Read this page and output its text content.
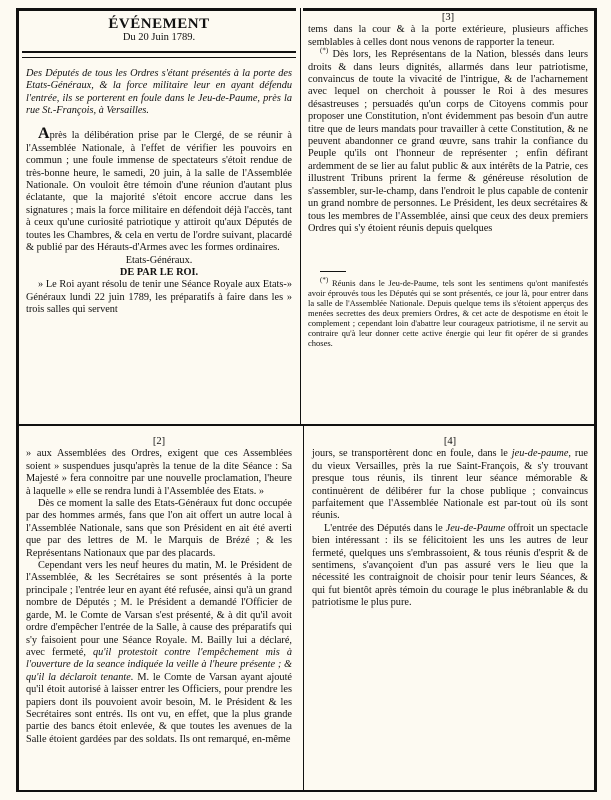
ÉVÉNEMENT
Du 20 Juin 1789.

Des Députés de tous les Ordres s'étant présentés à la porte des Etats-Généraux, & la force militaire leur en ayant défendu l'entrée, ils se porterent en foule dans le Jeu-de-Paume, près la rue St.-François, à Versailles.

Après la délibération prise par le Clergé, de se réunir à l'Assemblée Nationale, à l'effet de vérifier les pouvoirs en commun ; une foule immense de spectateurs s'étoit rendue de très-bonne heure, le samedi, 20 juin, à la salle de l'Assemblée Nationale. On vouloit être témoin d'une réunion d'autant plus éclatante, que la majorité s'étoit encore accrue dans les signatures ; mais la force militaire en défendoit déjà l'accès, tant à ceux qu'une curiosité patriotique y attiroit qu'aux Députés de toutes les Chambres, & cela en vertu de l'ordre suivant, placardé & publié par des Hérauts-d'Armes avec les formes ordinaires.

Etats-Généraux.

DE PAR LE ROI.

» Le Roi ayant résolu de tenir une Séance Royale aux Etats-» Généraux lundi 22 juin 1789, les préparatifs à faire dans les » trois salles qui servent

[3]

tems dans la cour & à la porte extérieure, plusieurs affiches semblables à celles dont nous venons de rapporter la teneur.

(*) Dès lors, les Représentans de la Nation, blessés dans leurs droits & dans leurs dignités, allarmés dans leur patriotisme, convaincus de toute la vivacité de l'intrigue, & de l'acharnement avec lequel on cherchoit à pousser le Roi à des mesures désastreuses ; persuadés qu'un corps de Citoyens commis pour proposer une Constitution, n'ont évidemment pas besoin d'un autre titre que de leurs mandats pour travailler à cette Constitution, & ne peuvent abandonner ce grand œuvre, sans trahir la confiance du Peuple qu'ils ont l'honneur de représenter ; enfin défirant ardemment de se lier au falut public & aux intérêts de la Patrie, ces illustrent Tribuns prirent la ferme & généreuse résolution de s'assembler, sur-le-champ, dans l'endroit le plus capable de contenir un grand nombre de personnes. Le Président, les deux secrétaires & tous les membres de l'Assemblée, ainsi que ceux des deux premiers Ordres qui s'y étoient réunis depuis quelques

(*) Réunis dans le Jeu-de-Paume, tels sont les sentimens qu'ont manifestés avoir éprouvés tous les Députés qui se sont présentés, ce jour là, pour entrer dans la salle de l'Assemblée Nationale. Depuis quelque tems ils s'étoient apperçus des menées secrettes des deux premiers Ordres, & cet acte de despotisme en étoit le complement ; cependant loin d'abattre leur courageux patriotisme, il ne servit au contraire qu'à leur donner cette active énergie qui leur fit opérer de si grandes choses.

[2]

» aux Assemblées des Ordres, exigent que ces Assemblées soient » suspendues jusqu'après la tenue de la dite Séance : Sa Majesté » fera connoitre par une nouvelle proclamation, l'heure à laquelle » elle se rendra lundi à l'Assemblée des Etats. »

Dès ce moment la salle des Etats-Généraux fut donc occupée par des hommes armés, fans que l'on ait offert un autre local à l'Assemblée Nationale, sans que son Président en ait été averti que par des lettres de M. le Marquis de Brézé ; & les Représentans Nationaux que par des placards.

Cependant vers les neuf heures du matin, M. le Président de l'Assemblée, & les Secrétaires se sont présentés à la porte principale ; l'entrée leur en ayant été refusée, ainsi qu'à un grand nombre de Députés ; M. le Président a demandé l'Officier de garde, M. le Comte de Varsan s'est présenté, & à dit qu'il avoit ordre d'empêcher l'entrée de la Salle, à cause des préparatifs qui s'y faisoient pour une Séance Royale. M. Bailly lui a déclaré, avec fermeté, qu'il protestoit contre l'empêchement mis à l'ouverture de la seance indiquée la veille à l'heure présente ; & qu'il la déclaroit tenante. M. le Comte de Varsan ayant ajouté qu'il étoit autorisé à laisser entrer les Officiers, pour prendre les papiers dont ils pouvoient avoir besoin, M. le Président & les Secrétaires sont entrés. Ils ont vu, en effet, que la plus grande partie des bancs étoit enlevée, & que toutes les avenues de la Salle étoient gardées par des soldats. Ils ont remarqué, en-même

[4]

jours, se transportèrent donc en foule, dans le jeu-de-paume, rue du vieux Versailles, près la rue Saint-François, & s'y trouvant presque tous réunis, ils tinrent leur séance mémorable & continuèrent de délibérer fur la chose publique ; convaincus parfaitement que l'Assemblée Nationale est par-tout où ils sont réunis.

L'entrée des Députés dans le Jeu-de-Paume offroit un spectacle bien intéressant : ils se félicitoient les uns les autres de leur fermeté, quelques uns s'embrassoient, & tous réunis d'esprit & de sentimens, s'avançoient d'un pas assuré vers le lieu que la nécessité les contraignoit de choisir pour tenir leurs Séances, & qui fut bientôt après témoin du courage le plus inébranlable & du patriotisme le plus pure.
